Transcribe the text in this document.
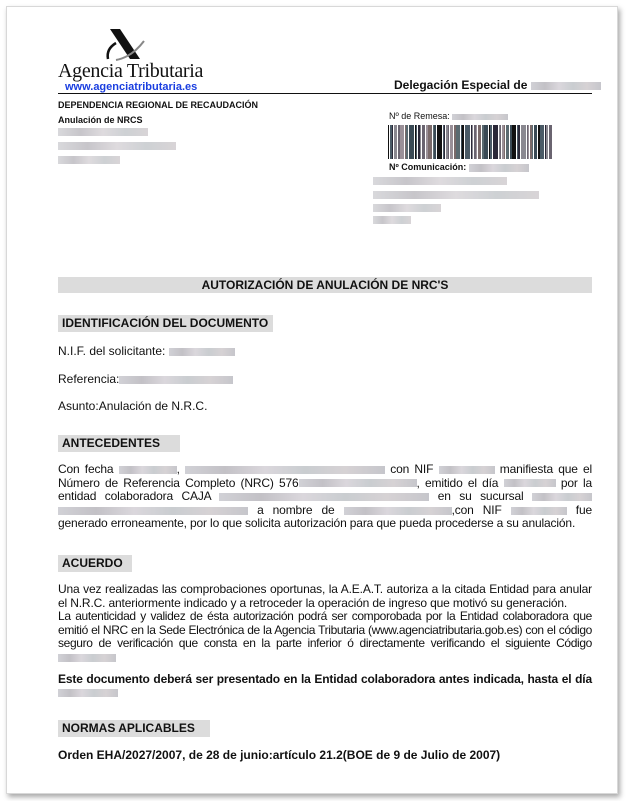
Agencia Tributaria
www.agenciatributaria.es	Delegación Especial de
DEPENDENCIA REGIONAL DE RECAUDACIÓN
Anulación de NRCS	Nº de Remesa:
Nº Comunicación:
AUTORIZACIÓN DE ANULACIÓN DE NRC'S
IDENTIFICACIÓN DEL DOCUMENTO
N.I.F. del solicitante:
Referencia:
Asunto:Anulación de N.R.C.
ANTECEDENTES
Con fecha	,	con NIF	manifiesta que el Número de Referencia Completo (NRC) 576	, emitido el día	por la entidad colaboradora CAJA	en su sucursal   a nombre de	,con NIF	fue generado erroneamente, por lo que solicita autorización para que pueda procederse a su anulación.
ACUERDO
Una vez realizadas las comprobaciones oportunas, la A.E.A.T. autoriza a la citada Entidad para anular el N.R.C. anteriormente indicado y a retroceder la operación de ingreso que motivó su generación.
La autenticidad y validez de ésta autorización podrá ser comporobada por la Entidad colaboradora que emitió el NRC en la Sede Electrónica de la Agencia Tributaria (www.agenciatributaria.gob.es) con el código seguro de verificación que consta en la parte inferior ó directamente verificando el siguiente Código
Este documento deberá ser presentado en la Entidad colaboradora antes indicada, hasta el día
NORMAS APLICABLES
Orden EHA/2027/2007, de 28 de junio:artículo 21.2(BOE de 9 de Julio de 2007)
